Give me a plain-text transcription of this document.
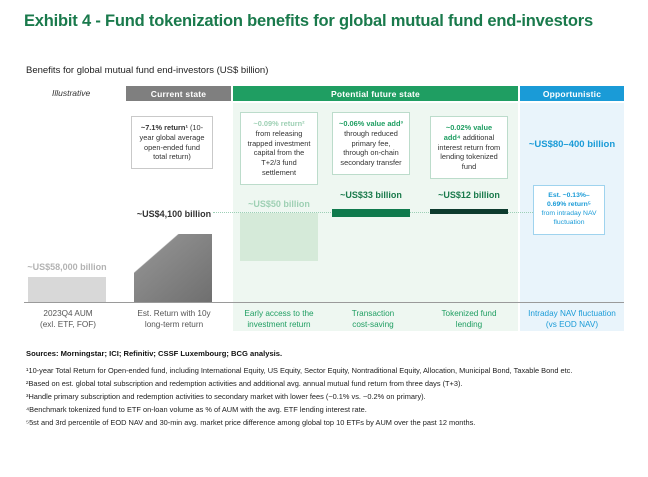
Exhibit 4 - Fund tokenization benefits for global mutual fund end-investors
Benefits for global mutual fund end-investors (US$ billion)
Illustrative	Current state	Potential future state	Opportunistic
~US$58,000 billion
~US$4,100 billion
~US$50 billion
~US$33 billion	~US$12 billion
~US$80–400 billion
~7.1% return¹ (10-year global average open-ended fund total return)
~0.09% return² from releasing trapped investment capital from the T+2/3 fund settlement
~0.06% value add³ through reduced primary fee, through on-chain secondary transfer
~0.02% value add⁴ additional interest return from lending tokenized fund
Est. ~0.13%– 0.69% return⁵ from intraday NAV fluctuation
2023Q4 AUM
(exl. ETF, FOF)
Est. Return with 10y
long-term return
Early access to the
investment return
Transaction
cost-saving
Tokenized fund
lending
Intraday NAV fluctuation
(vs EOD NAV)
Sources: Morningstar; ICI; Refinitiv; CSSF Luxembourg; BCG analysis.
¹10-year Total Return for Open-ended fund, including International Equity, US Equity, Sector Equity, Nontraditional Equity, Allocation, Municipal Bond, Taxable Bond etc.
²Based on est. global total subscription and redemption activities and additional avg. annual mutual fund return from three days (T+3).
³Handle primary subscription and redemption activities to secondary market with lower fees (~0.1% vs. ~0.2% on primary).
⁴Benchmark tokenized fund to ETF on-loan volume as % of AUM with the avg. ETF lending interest rate.
⁵5st and 3rd percentile of EOD NAV and 30-min avg. market price difference among global top 10 ETFs by AUM over the past 12 months.
